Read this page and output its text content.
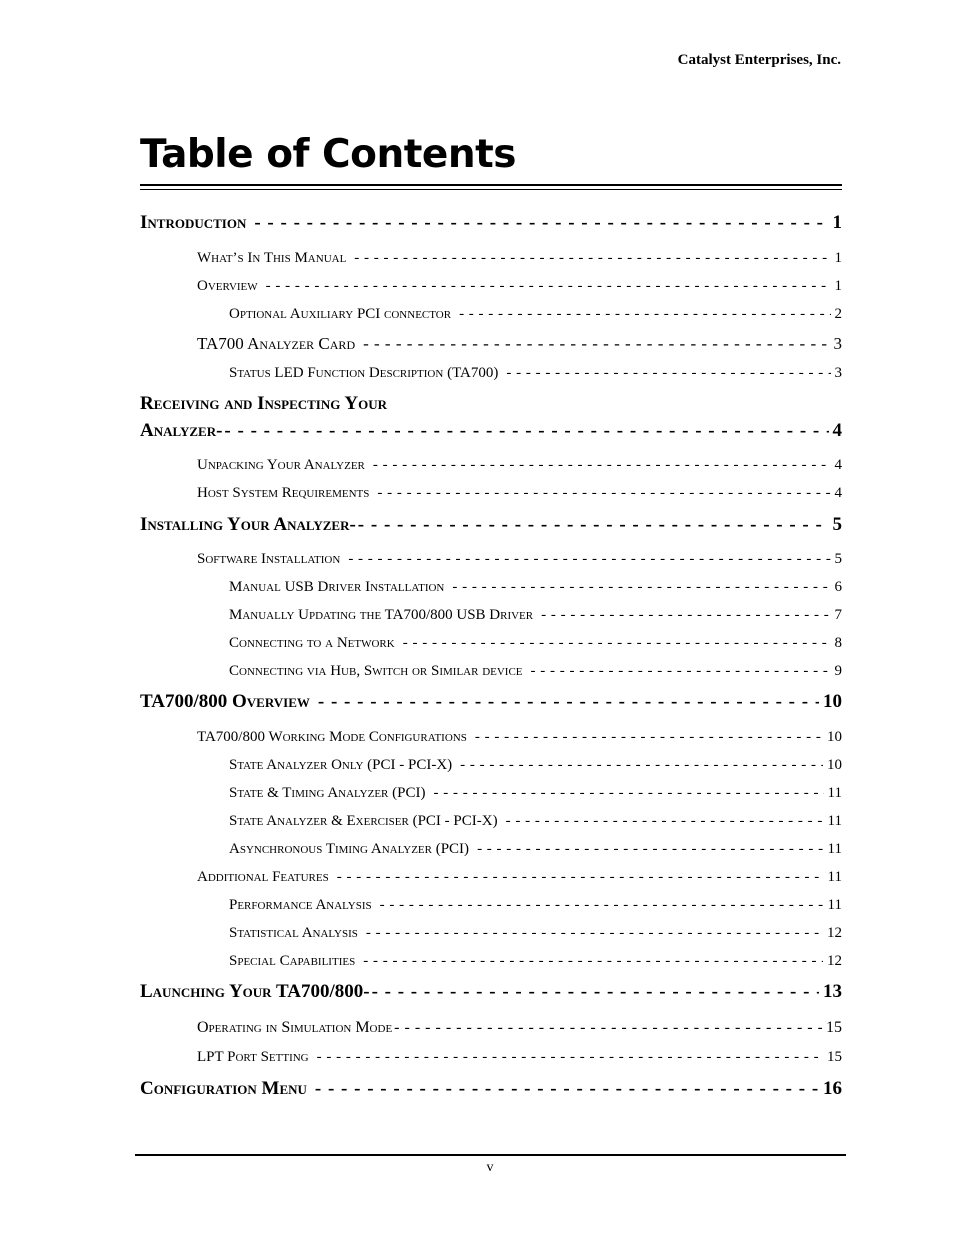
Catalyst Enterprises, Inc.
Table of Contents
Introduction - - -	1
What’s In This Manual - - -	1
Overview - - -	1
Optional Auxiliary PCI connector - - -	2
TA700 Analyzer Card - - -	3
Status LED Function Description (TA700) - - -	3
Receiving and Inspecting Your
Analyzer- - - -	4
Unpacking Your Analyzer - - -	4
Host System Requirements - - -	4
Installing Your Analyzer- - - -	5
Software Installation - - -	5
Manual USB Driver Installation - - -	6
Manually Updating the TA700/800 USB Driver - - -	7
Connecting to a Network - - -	8
Connecting via Hub, Switch or Similar device - - -	9
TA700/800 Overview - - -	10
TA700/800 Working Mode Configurations - - -	10
State Analyzer Only (PCI - PCI-X) - - -	10
State & Timing Analyzer (PCI) - - -	11
State Analyzer & Exerciser (PCI - PCI-X) - - -	11
Asynchronous Timing Analyzer (PCI) - - -	11
Additional Features - - -	11
Performance Analysis - - -	11
Statistical Analysis - - -	12
Special Capabilities - - -	12
Launching Your TA700/800- - - -	13
Operating in Simulation Mode - - -	15
LPT Port Setting - - -	15
Configuration Menu - - -	16
v
